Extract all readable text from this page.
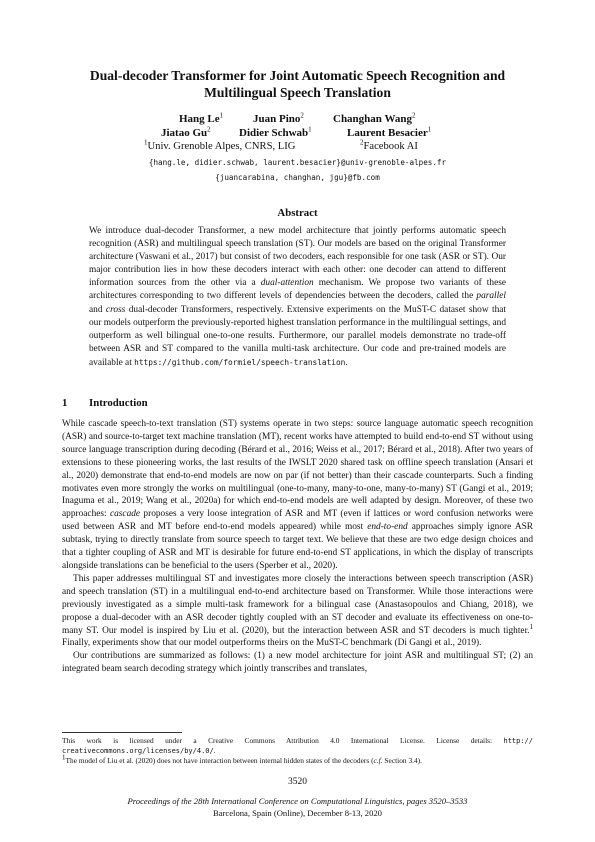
Dual-decoder Transformer for Joint Automatic Speech Recognition and
Multilingual Speech Translation
Hang Le$^1$	Juan Pino$^2$	Changhan Wang$^2$
Jiatao Gu$^2$	Didier Schwab$^1$	Laurent Besacier$^1$
$^1$Univ. Grenoble Alpes, CNRS, LIG	$^2$Facebook AI
{hang.le, didier.schwab, laurent.besacier}@univ-grenoble-alpes.fr
{juancarabina, changhan, jgu}@fb.com
Abstract
We introduce dual-decoder Transformer, a new model architecture that jointly performs automatic speech recognition (ASR) and multilingual speech translation (ST). Our models are based on the original Transformer architecture (Vaswani et al., 2017) but consist of two decoders, each responsible for one task (ASR or ST). Our major contribution lies in how these decoders interact with each other: one decoder can attend to different information sources from the other via a dual-attention mechanism. We propose two variants of these architectures corresponding to two different levels of dependencies between the decoders, called the parallel and cross dual-decoder Transformers, respectively. Extensive experiments on the MuST-C dataset show that our models outperform the previously-reported highest translation performance in the multilingual settings, and outperform as well bilingual one-to-one results. Furthermore, our parallel models demonstrate no trade-off between ASR and ST compared to the vanilla multi-task architecture. Our code and pre-trained models are available at https://github.com/formiel/speech-translation.
1 Introduction

While cascade speech-to-text translation (ST) systems operate in two steps: source language automatic speech recognition (ASR) and source-to-target text machine translation (MT), recent works have attempted to build end-to-end ST without using source language transcription during decoding (Bérard et al., 2016; Weiss et al., 2017; Bérard et al., 2018). After two years of extensions to these pioneering works, the last results of the IWSLT 2020 shared task on offline speech translation (Ansari et al., 2020) demonstrate that end-to-end models are now on par (if not better) than their cascade counterparts. Such a finding motivates even more strongly the works on multilingual (one-to-many, many-to-one, many-to-many) ST (Gangi et al., 2019; Inaguma et al., 2019; Wang et al., 2020a) for which end-to-end models are well adapted by design. Moreover, of these two approaches: cascade proposes a very loose integration of ASR and MT (even if lattices or word confusion networks were used between ASR and MT before end-to-end models appeared) while most end-to-end approaches simply ignore ASR subtask, trying to directly translate from source speech to target text. We believe that these are two edge design choices and that a tighter coupling of ASR and MT is desirable for future end-to-end ST applications, in which the display of transcripts alongside translations can be beneficial to the users (Sperber et al., 2020).

This paper addresses multilingual ST and investigates more closely the interactions between speech transcription (ASR) and speech translation (ST) in a multilingual end-to-end architecture based on Transformer. While those interactions were previously investigated as a simple multi-task framework for a bilingual case (Anastasopoulos and Chiang, 2018), we propose a dual-decoder with an ASR decoder tightly coupled with an ST decoder and evaluate its effectiveness on one-to-many ST. Our model is inspired by Liu et al. (2020), but the interaction between ASR and ST decoders is much tighter.$^1$ Finally, experiments show that our model outperforms theirs on the MuST-C benchmark (Di Gangi et al., 2019).

Our contributions are summarized as follows: (1) a new model architecture for joint ASR and multilingual ST; (2) an integrated beam search decoding strategy which jointly transcribes and translates,

This work is licensed under a Creative Commons Attribution 4.0 International License. License details: http:// creativecommons.org/licenses/by/4.0/.
$^1$The model of Liu et al. (2020) does not have interaction between internal hidden states of the decoders (c.f. Section 3.4).
3520
Proceedings of the 28th International Conference on Computational Linguistics, pages 3520–3533
Barcelona, Spain (Online), December 8-13, 2020
